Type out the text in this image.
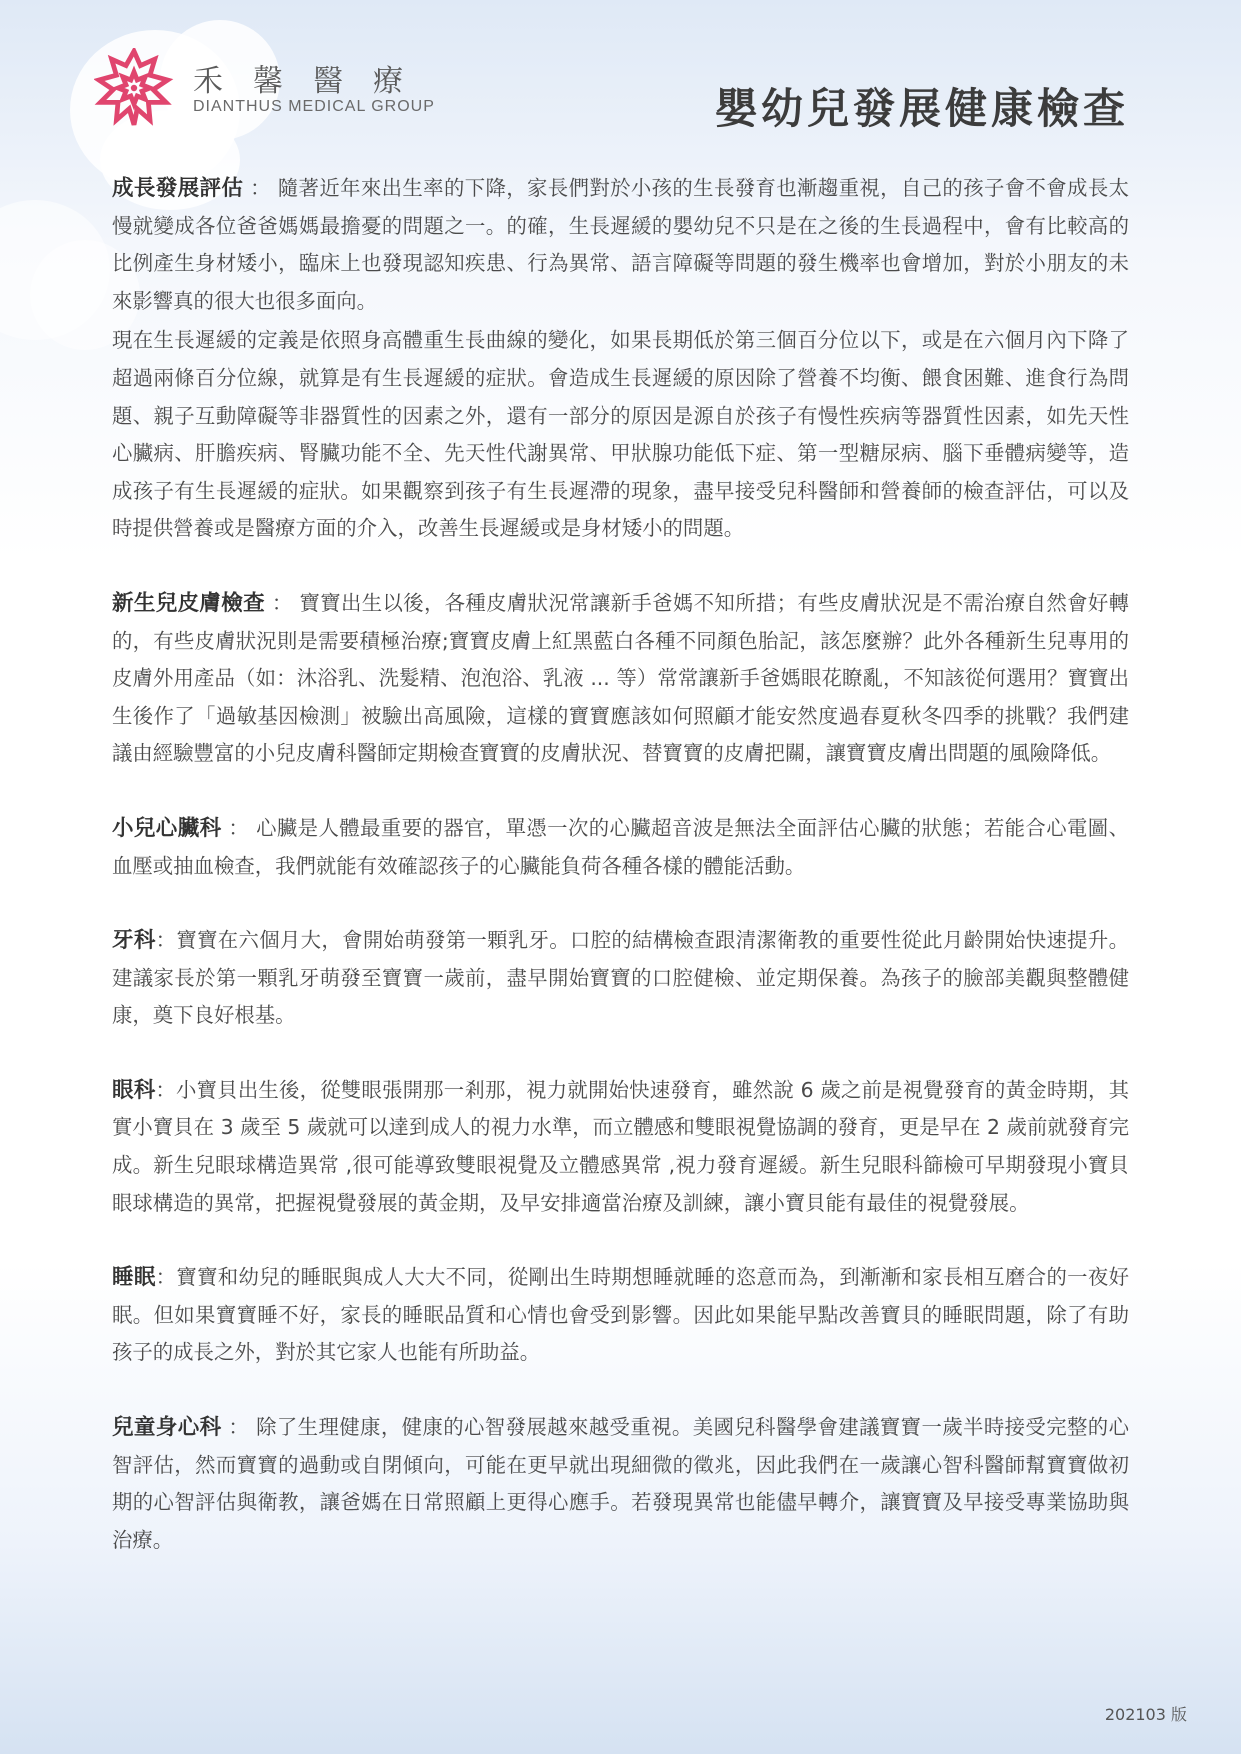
禾馨醫療
DIANTHUS MEDICAL GROUP	嬰幼兒發展健康檢查

成長發展評估 ： 隨著近年來出生率的下降，家長們對於小孩的生長發育也漸趨重視，自己的孩子會不會成長太慢就變成各位爸爸媽媽最擔憂的問題之一。的確，生長遲緩的嬰幼兒不只是在之後的生長過程中，會有比較高的比例產生身材矮小，臨床上也發現認知疾患、行為異常、語言障礙等問題的發生機率也會增加，對於小朋友的未來影響真的很大也很多面向。

現在生長遲緩的定義是依照身高體重生長曲線的變化，如果長期低於第三個百分位以下，或是在六個月內下降了超過兩條百分位線，就算是有生長遲緩的症狀。會造成生長遲緩的原因除了營養不均衡、餵食困難、進食行為問題、親子互動障礙等非器質性的因素之外，還有一部分的原因是源自於孩子有慢性疾病等器質性因素，如先天性心臟病、肝膽疾病、腎臟功能不全、先天性代謝異常、甲狀腺功能低下症、第一型糖尿病、腦下垂體病變等，造成孩子有生長遲緩的症狀。如果觀察到孩子有生長遲滯的現象，盡早接受兒科醫師和營養師的檢查評估，可以及時提供營養或是醫療方面的介入，改善生長遲緩或是身材矮小的問題。

新生兒皮膚檢查 ： 寶寶出生以後，各種皮膚狀況常讓新手爸媽不知所措；有些皮膚狀況是不需治療自然會好轉的，有些皮膚狀況則是需要積極治療;寶寶皮膚上紅黑藍白各種不同顏色胎記，該怎麼辦？此外各種新生兒專用的皮膚外用產品（如：沐浴乳、洗髮精、泡泡浴、乳液 ... 等）常常讓新手爸媽眼花瞭亂，不知該從何選用？寶寶出生後作了「過敏基因檢測」被驗出高風險，這樣的寶寶應該如何照顧才能安然度過春夏秋冬四季的挑戰？我們建議由經驗豐富的小兒皮膚科醫師定期檢查寶寶的皮膚狀況、替寶寶的皮膚把關，讓寶寶皮膚出問題的風險降低。

小兒心臟科 ： 心臟是人體最重要的器官，單憑一次的心臟超音波是無法全面評估心臟的狀態；若能合心電圖、血壓或抽血檢查，我們就能有效確認孩子的心臟能負荷各種各樣的體能活動。

牙科：寶寶在六個月大，會開始萌發第一顆乳牙。口腔的結構檢查跟清潔衛教的重要性從此月齡開始快速提升。建議家長於第一顆乳牙萌發至寶寶一歲前，盡早開始寶寶的口腔健檢、並定期保養。為孩子的臉部美觀與整體健康，奠下良好根基。

眼科：小寶貝出生後，從雙眼張開那一剎那，視力就開始快速發育，雖然說 6 歲之前是視覺發育的黃金時期，其實小寶貝在 3 歲至 5 歲就可以達到成人的視力水準，而立體感和雙眼視覺協調的發育，更是早在 2 歲前就發育完成。新生兒眼球構造異常 ,很可能導致雙眼視覺及立體感異常 ,視力發育遲緩。新生兒眼科篩檢可早期發現小寶貝眼球構造的異常，把握視覺發展的黃金期，及早安排適當治療及訓練，讓小寶貝能有最佳的視覺發展。

睡眠：寶寶和幼兒的睡眠與成人大大不同，從剛出生時期想睡就睡的恣意而為，到漸漸和家長相互磨合的一夜好眠。但如果寶寶睡不好，家長的睡眠品質和心情也會受到影響。因此如果能早點改善寶貝的睡眠問題，除了有助孩子的成長之外，對於其它家人也能有所助益。

兒童身心科 ： 除了生理健康，健康的心智發展越來越受重視。美國兒科醫學會建議寶寶一歲半時接受完整的心智評估，然而寶寶的過動或自閉傾向，可能在更早就出現細微的徵兆，因此我們在一歲讓心智科醫師幫寶寶做初期的心智評估與衛教，讓爸媽在日常照顧上更得心應手。若發現異常也能儘早轉介，讓寶寶及早接受專業協助與治療。

202103 版
